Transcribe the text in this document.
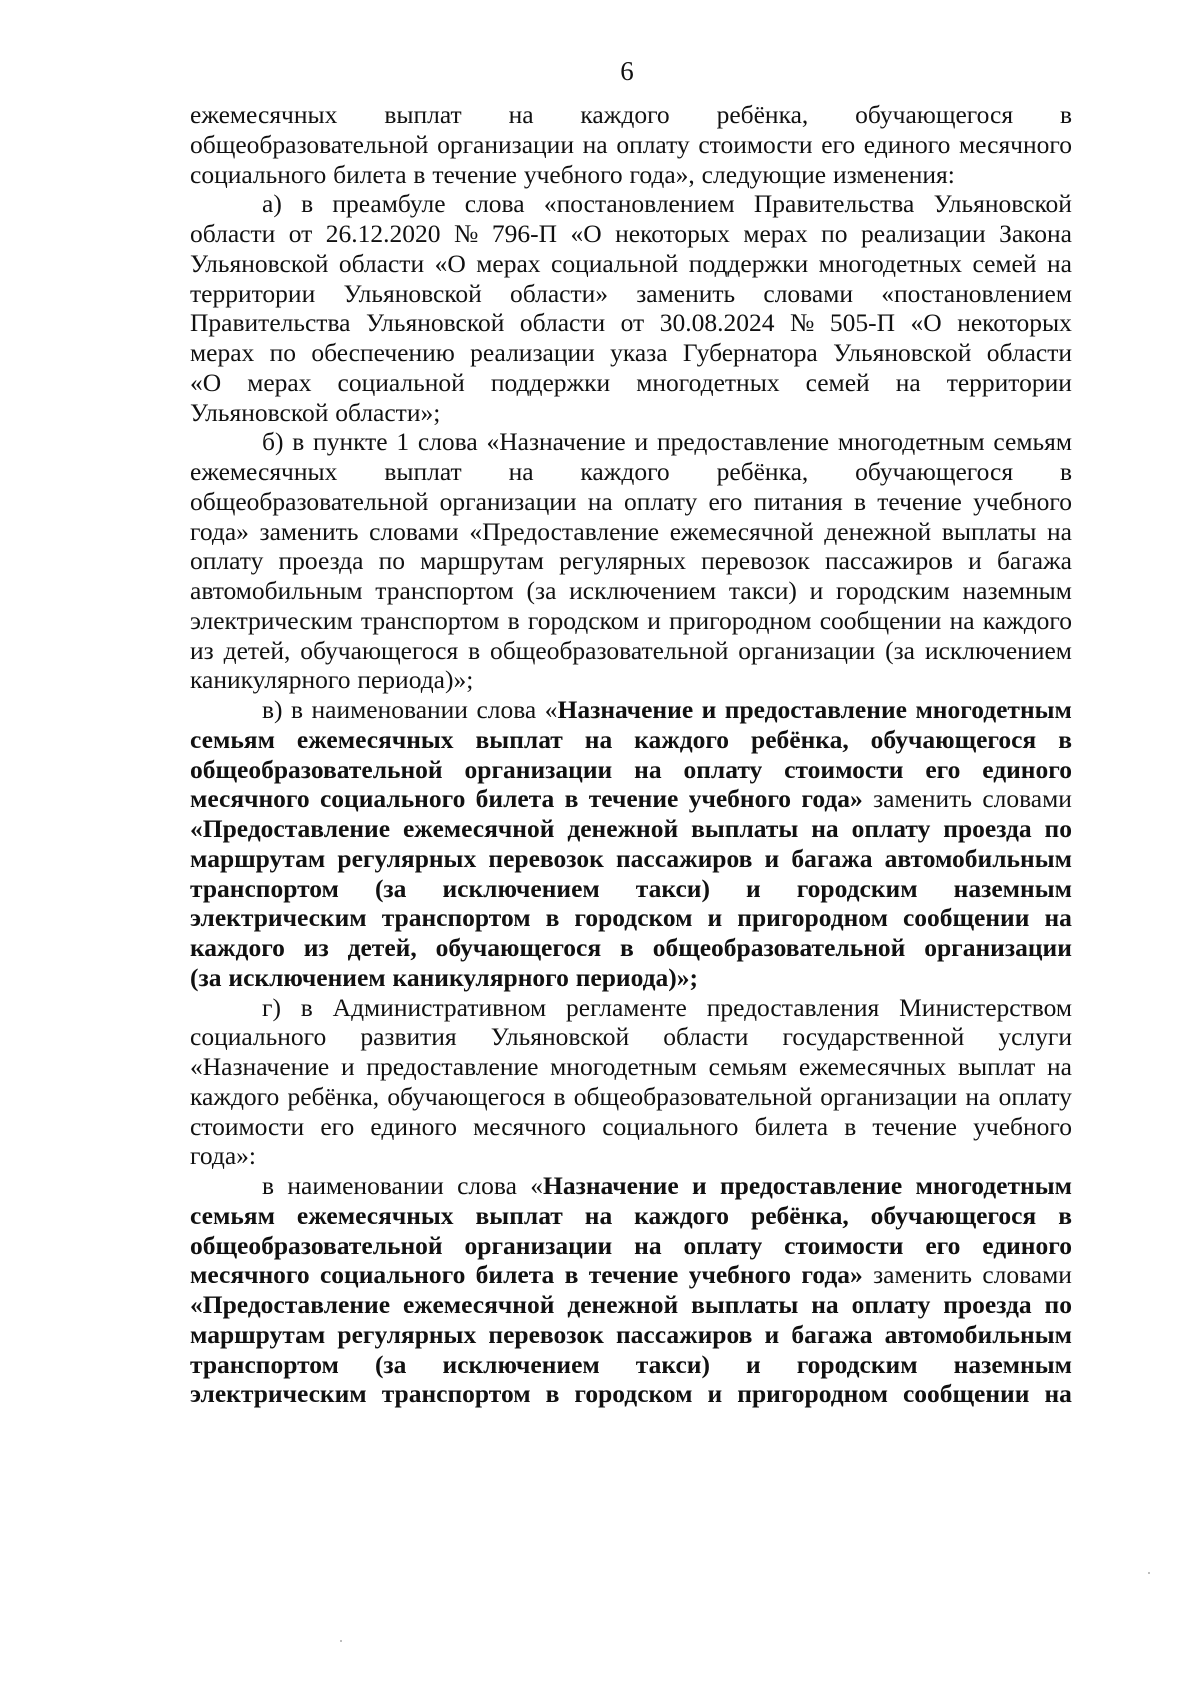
6
ежемесячных выплат на каждого ребёнка, обучающегося в
общеобразовательной организации на оплату стоимости его единого месячного
социального билета в течение учебного года», следующие изменения:
а) в преамбуле слова «постановлением Правительства Ульяновской
области от 26.12.2020 № 796-П «О некоторых мерах по реализации Закона
Ульяновской области «О мерах социальной поддержки многодетных семей на
территории Ульяновской области» заменить словами «постановлением
Правительства Ульяновской области от 30.08.2024 № 505-П «О некоторых
мерах по обеспечению реализации указа Губернатора Ульяновской области
«О мерах социальной поддержки многодетных семей на территории
Ульяновской области»;
б) в пункте 1 слова «Назначение и предоставление многодетным семьям
ежемесячных выплат на каждого ребёнка, обучающегося в
общеобразовательной организации на оплату его питания в течение учебного
года» заменить словами «Предоставление ежемесячной денежной выплаты на
оплату проезда по маршрутам регулярных перевозок пассажиров и багажа
автомобильным транспортом (за исключением такси) и городским наземным
электрическим транспортом в городском и пригородном сообщении на каждого
из детей, обучающегося в общеобразовательной организации (за исключением
каникулярного периода)»;
в) в наименовании слова «Назначение и предоставление многодетным
семьям ежемесячных выплат на каждого ребёнка, обучающегося в
общеобразовательной организации на оплату стоимости его единого
месячного социального билета в течение учебного года» заменить словами
«Предоставление ежемесячной денежной выплаты на оплату проезда по
маршрутам регулярных перевозок пассажиров и багажа автомобильным
транспортом (за исключением такси) и городским наземным
электрическим транспортом в городском и пригородном сообщении на
каждого из детей, обучающегося в общеобразовательной организации
(за исключением каникулярного периода)»;
г) в Административном регламенте предоставления Министерством
социального развития Ульяновской области государственной услуги
«Назначение и предоставление многодетным семьям ежемесячных выплат на
каждого ребёнка, обучающегося в общеобразовательной организации на оплату
стоимости его единого месячного социального билета в течение учебного
года»:
в наименовании слова «Назначение и предоставление многодетным
семьям ежемесячных выплат на каждого ребёнка, обучающегося в
общеобразовательной организации на оплату стоимости его единого
месячного социального билета в течение учебного года» заменить словами
«Предоставление ежемесячной денежной выплаты на оплату проезда по
маршрутам регулярных перевозок пассажиров и багажа автомобильным
транспортом (за исключением такси) и городским наземным
электрическим транспортом в городском и пригородном сообщении на
